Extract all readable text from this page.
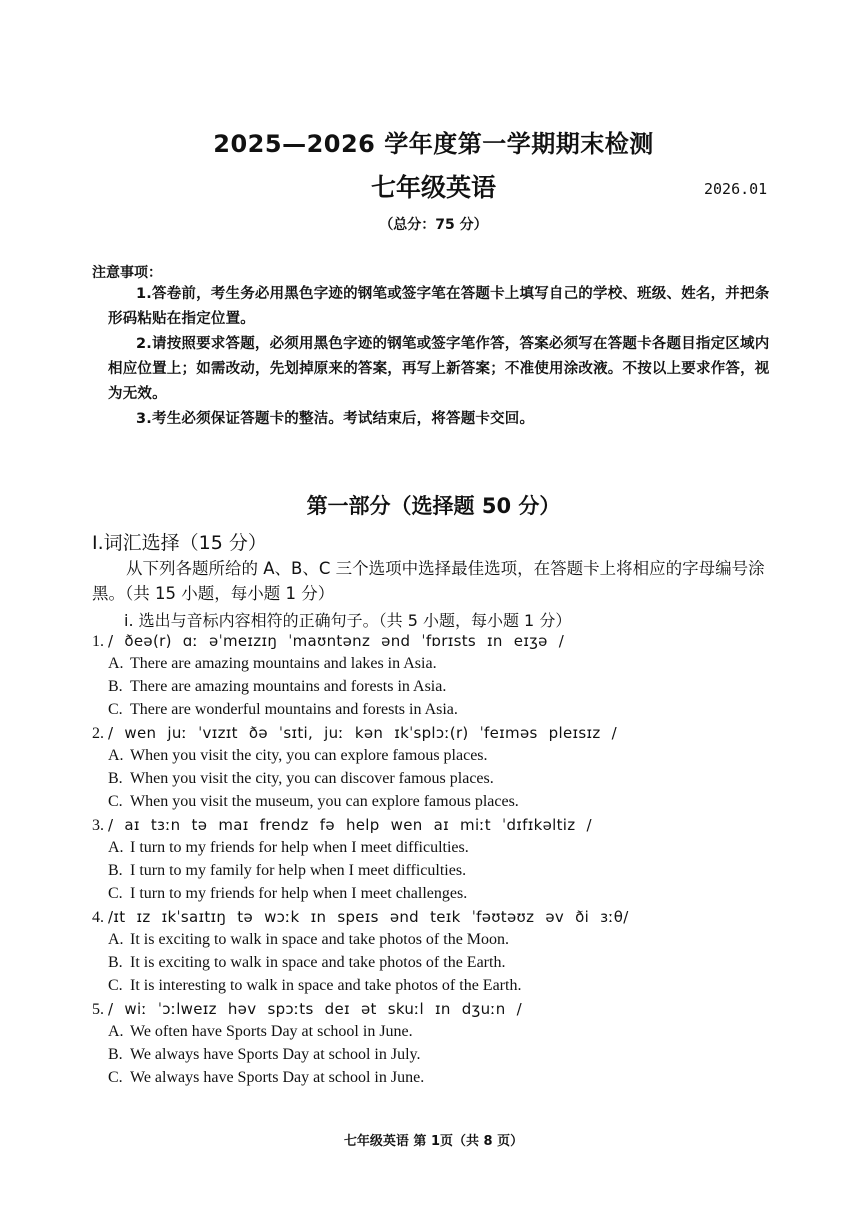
2025—2026 学年度第一学期期末检测
七年级英语	2026.01
（总分：75 分）
注意事项：
1.答卷前，考生务必用黑色字迹的钢笔或签字笔在答题卡上填写自己的学校、班级、姓名，并把条形码粘贴在指定位置。
2.请按照要求答题，必须用黑色字迹的钢笔或签字笔作答，答案必须写在答题卡各题目指定区域内相应位置上；如需改动，先划掉原来的答案，再写上新答案；不准使用涂改液。不按以上要求作答，视为无效。
3.考生必须保证答题卡的整洁。考试结束后，将答题卡交回。
第一部分（选择题 50 分）
Ⅰ.词汇选择（15 分）
从下列各题所给的 A、B、C 三个选项中选择最佳选项，在答题卡上将相应的字母编号涂黑。（共 15 小题，每小题 1 分）
i. 选出与音标内容相符的正确句子。（共 5 小题，每小题 1 分）
1. / ðeə(r) ɑː əˈmeɪzɪŋ ˈmaʊntənz ənd ˈfɒrɪsts ɪn eɪʒə /
A. There are amazing mountains and lakes in Asia.
B. There are amazing mountains and forests in Asia.
C. There are wonderful mountains and forests in Asia.
2. / wen juː ˈvɪzɪt ðə ˈsɪti, juː kən ɪkˈsplɔː(r) ˈfeɪməs pleɪsɪz /
A. When you visit the city, you can explore famous places.
B. When you visit the city, you can discover famous places.
C. When you visit the museum, you can explore famous places.
3. / aɪ tɜːn tə maɪ frendz fə help wen aɪ miːt ˈdɪfɪkəltiz /
A. I turn to my friends for help when I meet difficulties.
B. I turn to my family for help when I meet difficulties.
C. I turn to my friends for help when I meet challenges.
4. /ɪt ɪz ɪkˈsaɪtɪŋ tə wɔːk ɪn speɪs ənd teɪk ˈfəʊtəʊz əv ði ɜːθ/
A. It is exciting to walk in space and take photos of the Moon.
B. It is exciting to walk in space and take photos of the Earth.
C. It is interesting to walk in space and take photos of the Earth.
5. / wiː ˈɔːlweɪz həv spɔːts deɪ ət skuːl ɪn dʒuːn /
A. We often have Sports Day at school in June.
B. We always have Sports Day at school in July.
C. We always have Sports Day at school in June.
七年级英语 第 1页（共 8 页）
